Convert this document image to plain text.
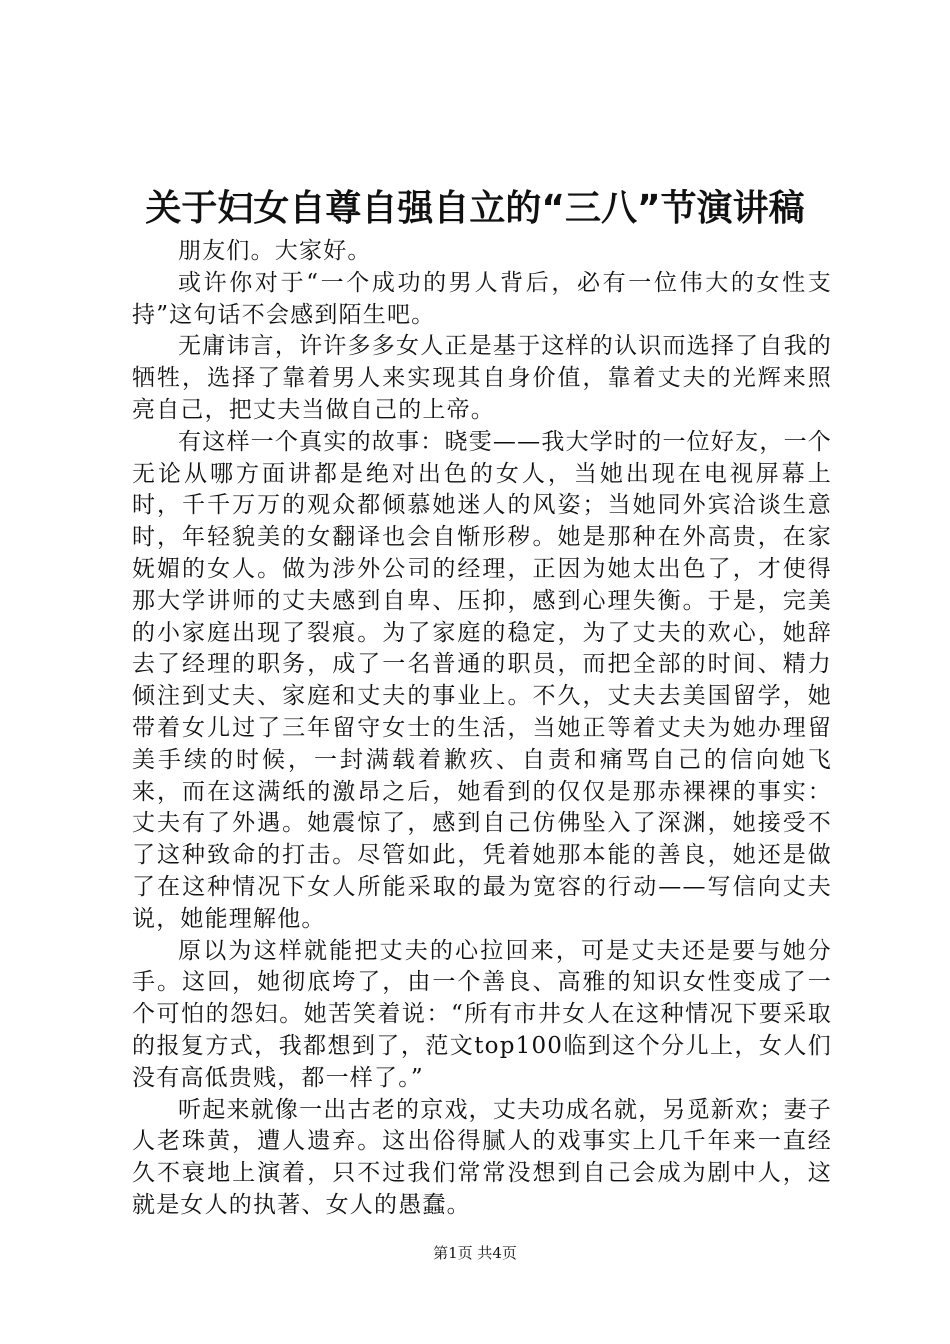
关于妇女自尊自强自立的“三八”节演讲稿

朋友们。大家好。

或许你对于“一个成功的男人背后，必有一位伟大的女性支持”这句话不会感到陌生吧。

无庸讳言，许许多多女人正是基于这样的认识而选择了自我的牺牲，选择了靠着男人来实现其自身价值，靠着丈夫的光辉来照亮自己，把丈夫当做自己的上帝。

有这样一个真实的故事：晓雯——我大学时的一位好友，一个无论从哪方面讲都是绝对出色的女人，当她出现在电视屏幕上时，千千万万的观众都倾慕她迷人的风姿；当她同外宾洽谈生意时，年轻貌美的女翻译也会自惭形秽。她是那种在外高贵，在家妩媚的女人。做为涉外公司的经理，正因为她太出色了，才使得那大学讲师的丈夫感到自卑、压抑，感到心理失衡。于是，完美的小家庭出现了裂痕。为了家庭的稳定，为了丈夫的欢心，她辞去了经理的职务，成了一名普通的职员，而把全部的时间、精力倾注到丈夫、家庭和丈夫的事业上。不久，丈夫去美国留学，她带着女儿过了三年留守女士的生活，当她正等着丈夫为她办理留美手续的时候，一封满载着歉疚、自责和痛骂自己的信向她飞来，而在这满纸的激昂之后，她看到的仅仅是那赤裸裸的事实：丈夫有了外遇。她震惊了，感到自己仿佛坠入了深渊，她接受不了这种致命的打击。尽管如此，凭着她那本能的善良，她还是做了在这种情况下女人所能采取的最为宽容的行动——写信向丈夫说，她能理解他。

原以为这样就能把丈夫的心拉回来，可是丈夫还是要与她分手。这回，她彻底垮了，由一个善良、高雅的知识女性变成了一个可怕的怨妇。她苦笑着说：“所有市井女人在这种情况下要采取的报复方式，我都想到了，范文top100临到这个分儿上，女人们没有高低贵贱，都一样了。”

听起来就像一出古老的京戏，丈夫功成名就，另觅新欢；妻子人老珠黄，遭人遗弃。这出俗得腻人的戏事实上几千年来一直经久不衰地上演着，只不过我们常常没想到自己会成为剧中人，这就是女人的执著、女人的愚蠢。

第1页 共4页
